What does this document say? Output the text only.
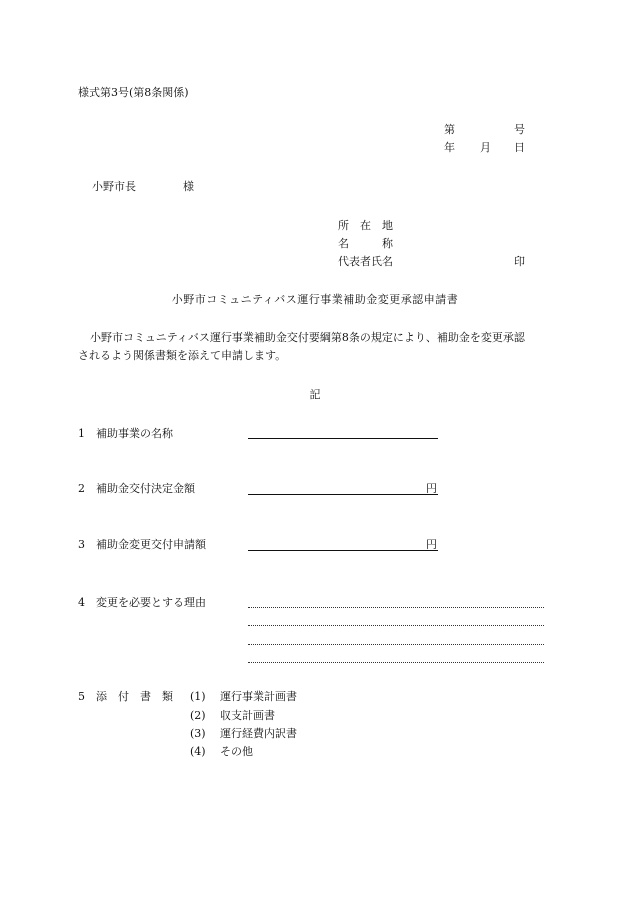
様式第3号(第8条関係)
第	号
年 月 日
小野市長	様
所　在　地
名　　　称
代表者氏名	印
小野市コミュニティバス運行事業補助金変更承認申請書
小野市コミュニティバス運行事業補助金交付要綱第8条の規定により、補助金を変更承認
されるよう関係書類を添えて申請します。
記
1 補助事業の名称
2 補助金交付決定金額	円
3 補助金変更交付申請額	円
4 変更を必要とする理由
5 添　付　書　類 (1) 運行事業計画書
(2) 収支計画書
(3) 運行経費内訳書
(4) その他
